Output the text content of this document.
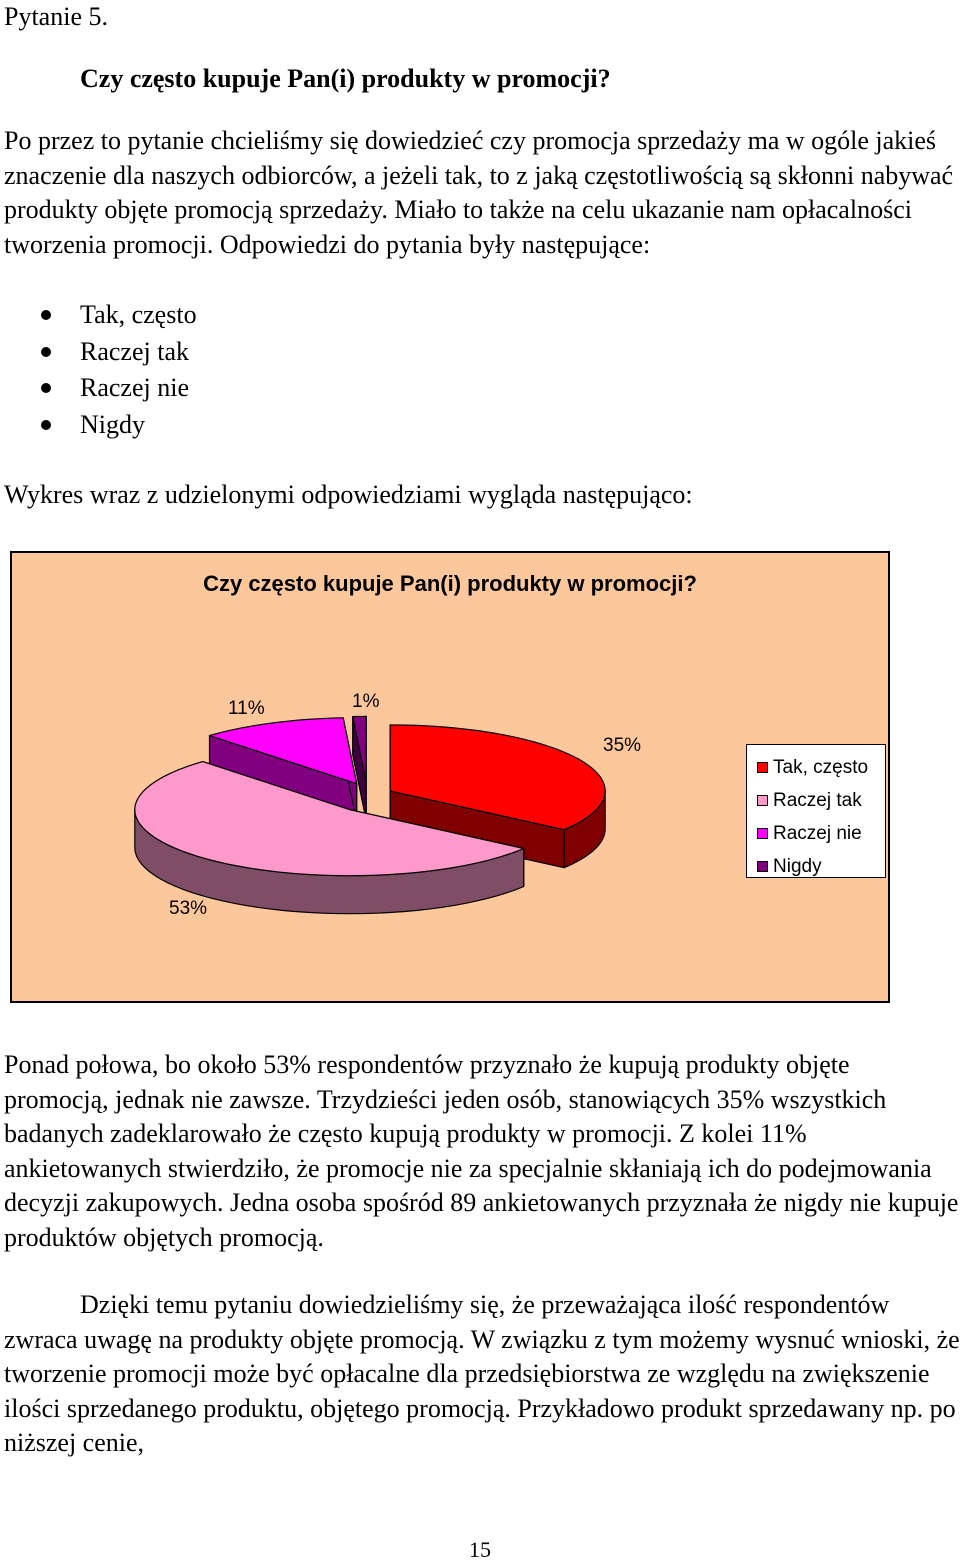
Pytanie 5.
Czy często kupuje Pan(i) produkty w promocji?
Po przez to pytanie chcieliśmy się dowiedzieć czy promocja sprzedaży ma w ogóle jakieś znaczenie dla naszych odbiorców, a jeżeli tak, to z jaką częstotliwością są skłonni nabywać produkty objęte promocją sprzedaży. Miało to także na celu ukazanie nam opłacalności tworzenia promocji. Odpowiedzi do pytania były następujące:
Tak, często
Raczej tak
Raczej nie
Nigdy
Wykres wraz z udzielonymi odpowiedziami wygląda następująco:
Czy często kupuje Pan(i) produkty w promocji?
11%	1%
35%
53%
Tak, często
Raczej tak
Raczej nie
Nigdy
Ponad połowa, bo około 53% respondentów przyznało że kupują produkty objęte promocją, jednak nie zawsze. Trzydzieści jeden osób, stanowiących 35% wszystkich badanych zadeklarowało że często kupują produkty w promocji. Z kolei 11% ankietowanych stwierdziło, że promocje nie za specjalnie skłaniają ich do podejmowania decyzji zakupowych. Jedna osoba spośród 89 ankietowanych przyznała że nigdy nie kupuje produktów objętych promocją.
Dzięki temu pytaniu dowiedzieliśmy się, że przeważająca ilość respondentów zwraca uwagę na produkty objęte promocją. W związku z tym możemy wysnuć wnioski, że tworzenie promocji może być opłacalne dla przedsiębiorstwa ze względu na zwiększenie ilości sprzedanego produktu, objętego promocją. Przykładowo produkt sprzedawany np. po niższej cenie,
15
